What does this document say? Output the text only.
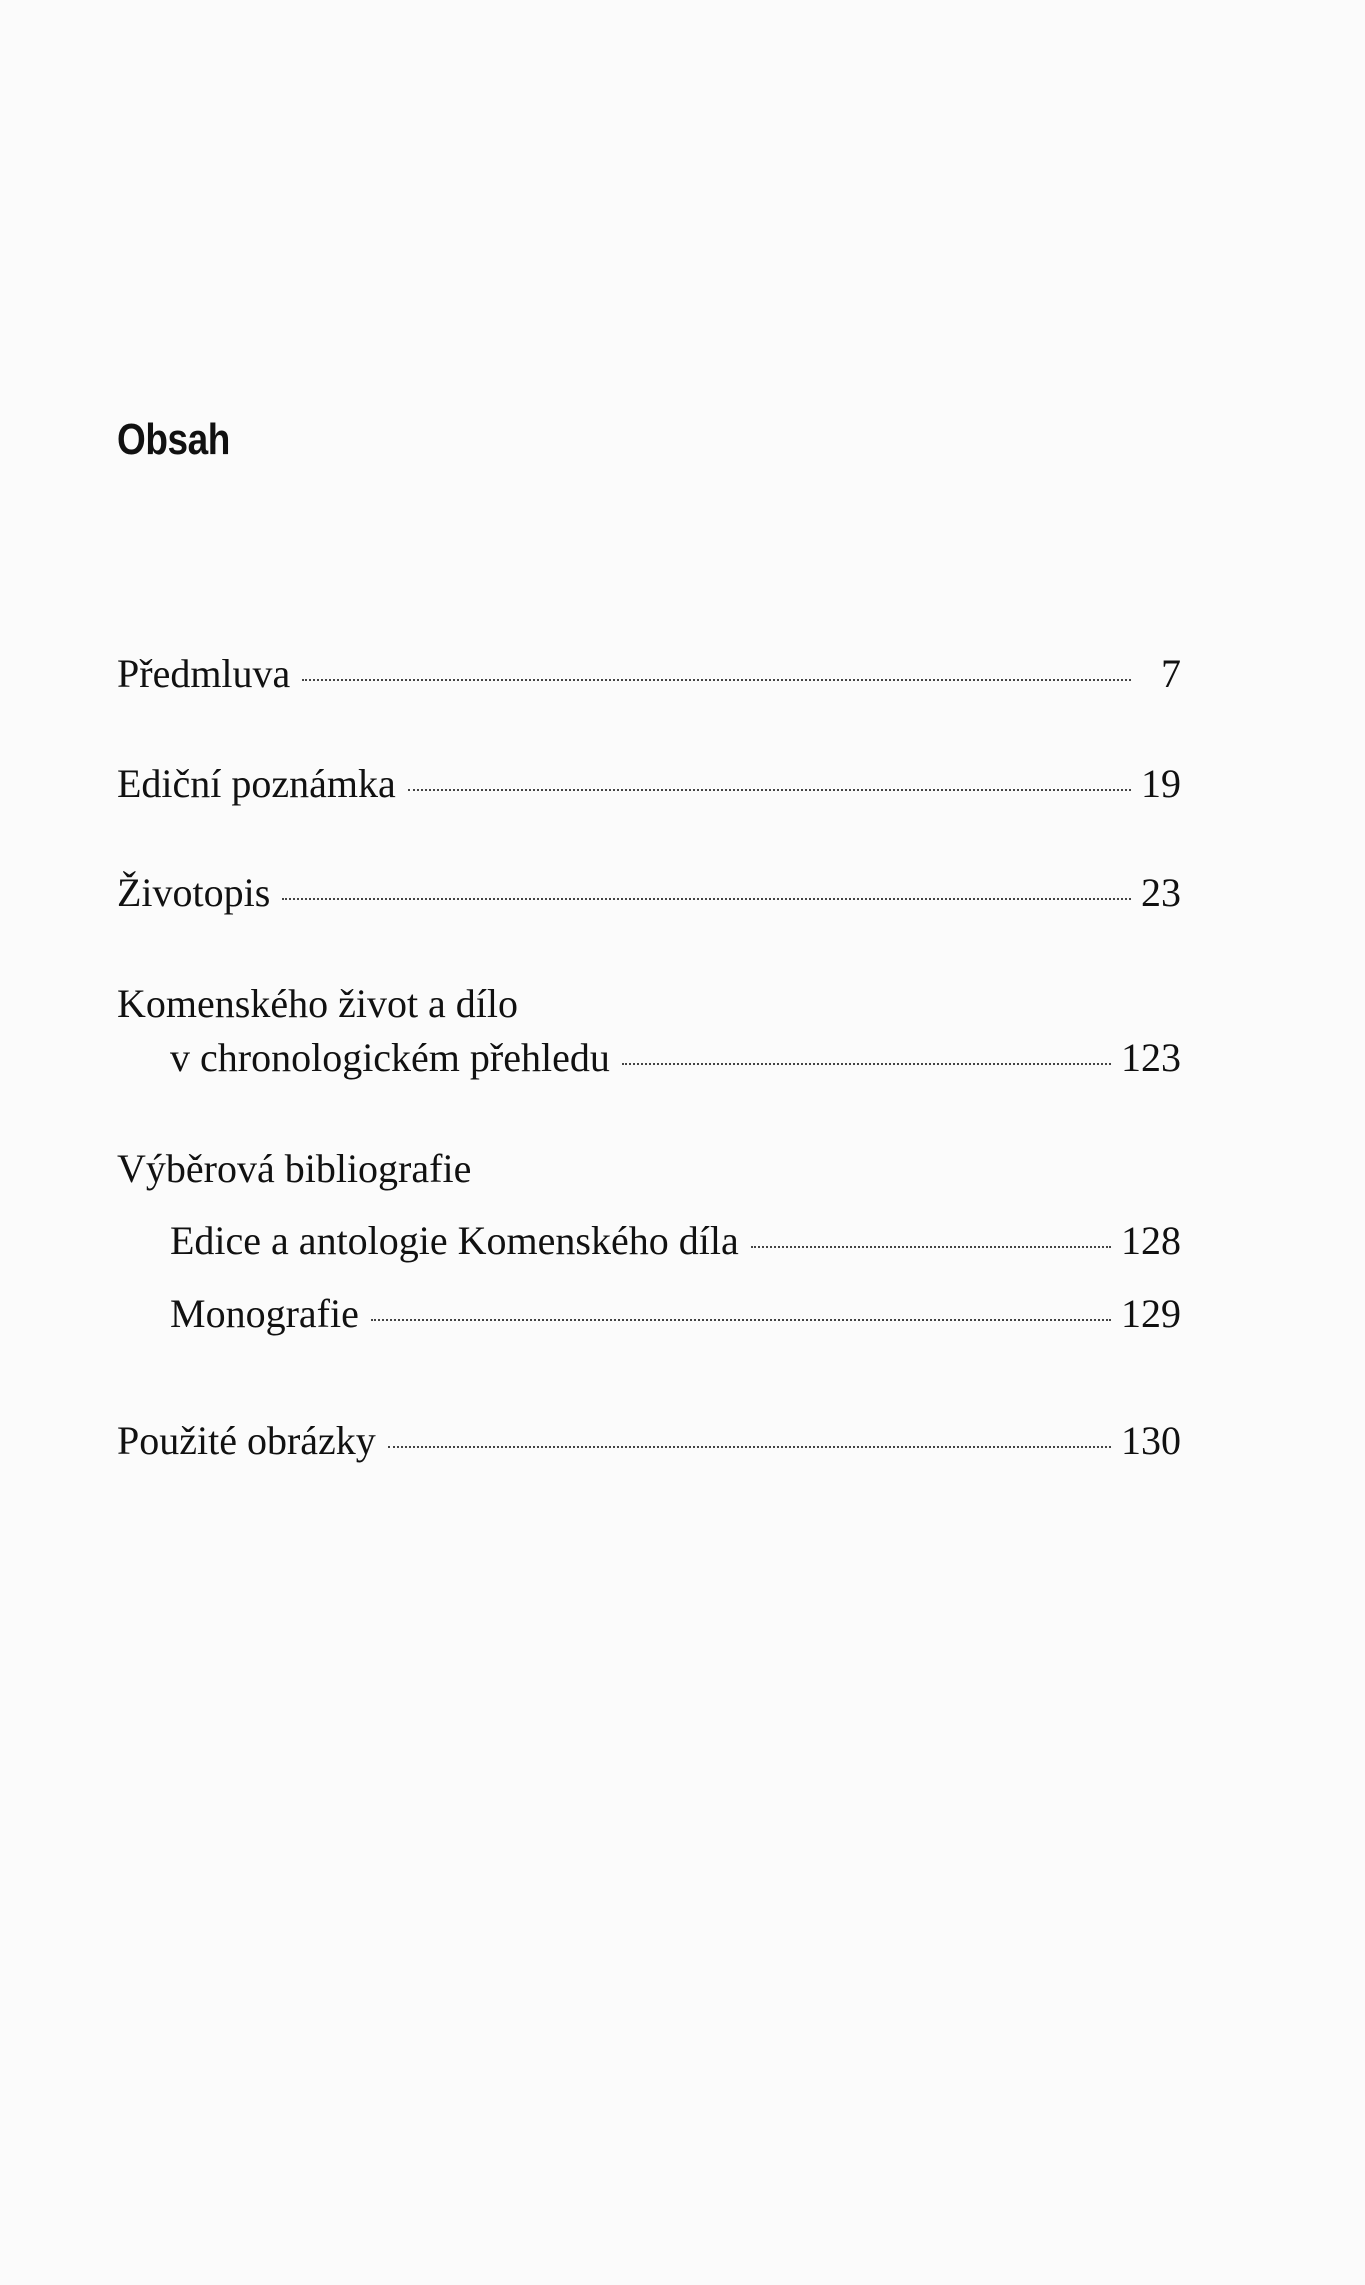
Obsah
Předmluva	7
Ediční poznámka	19
Životopis	23
Komenského život a dílo
v chronologickém přehledu	123
Výběrová bibliografie
Edice a antologie Komenského díla	128
Monografie	129
Použité obrázky	130
